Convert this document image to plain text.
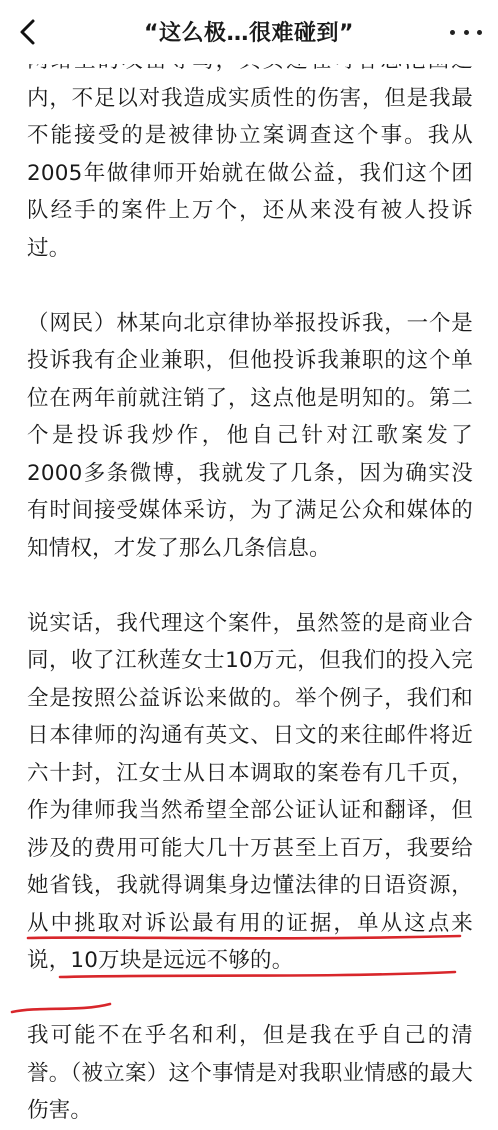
“这么极…很难碰到”

内，不足以对我造成实质性的伤害，但是我最不能接受的是被律协立案调查这个事。我从2005年做律师开始就在做公益，我们这个团队经手的案件上万个，还从来没有被人投诉过。

（网民）林某向北京律协举报投诉我，一个是投诉我有企业兼职，但他投诉我兼职的这个单位在两年前就注销了，这点他是明知的。第二个是投诉我炒作，他自己针对江歌案发了2000多条微博，我就发了几条，因为确实没有时间接受媒体采访，为了满足公众和媒体的知情权，才发了那么几条信息。

说实话，我代理这个案件，虽然签的是商业合同，收了江秋莲女士10万元，但我们的投入完全是按照公益诉讼来做的。举个例子，我们和日本律师的沟通有英文、日文的来往邮件将近六十封，江女士从日本调取的案卷有几千页，作为律师我当然希望全部公证认证和翻译，但涉及的费用可能大几十万甚至上百万，我要给她省钱，我就得调集身边懂法律的日语资源，从中挑取对诉讼最有用的证据，单从这点来说，10万块是远远不够的。

我可能不在乎名和利，但是我在乎自己的清誉。（被立案）这个事情是对我职业情感的最大伤害。
